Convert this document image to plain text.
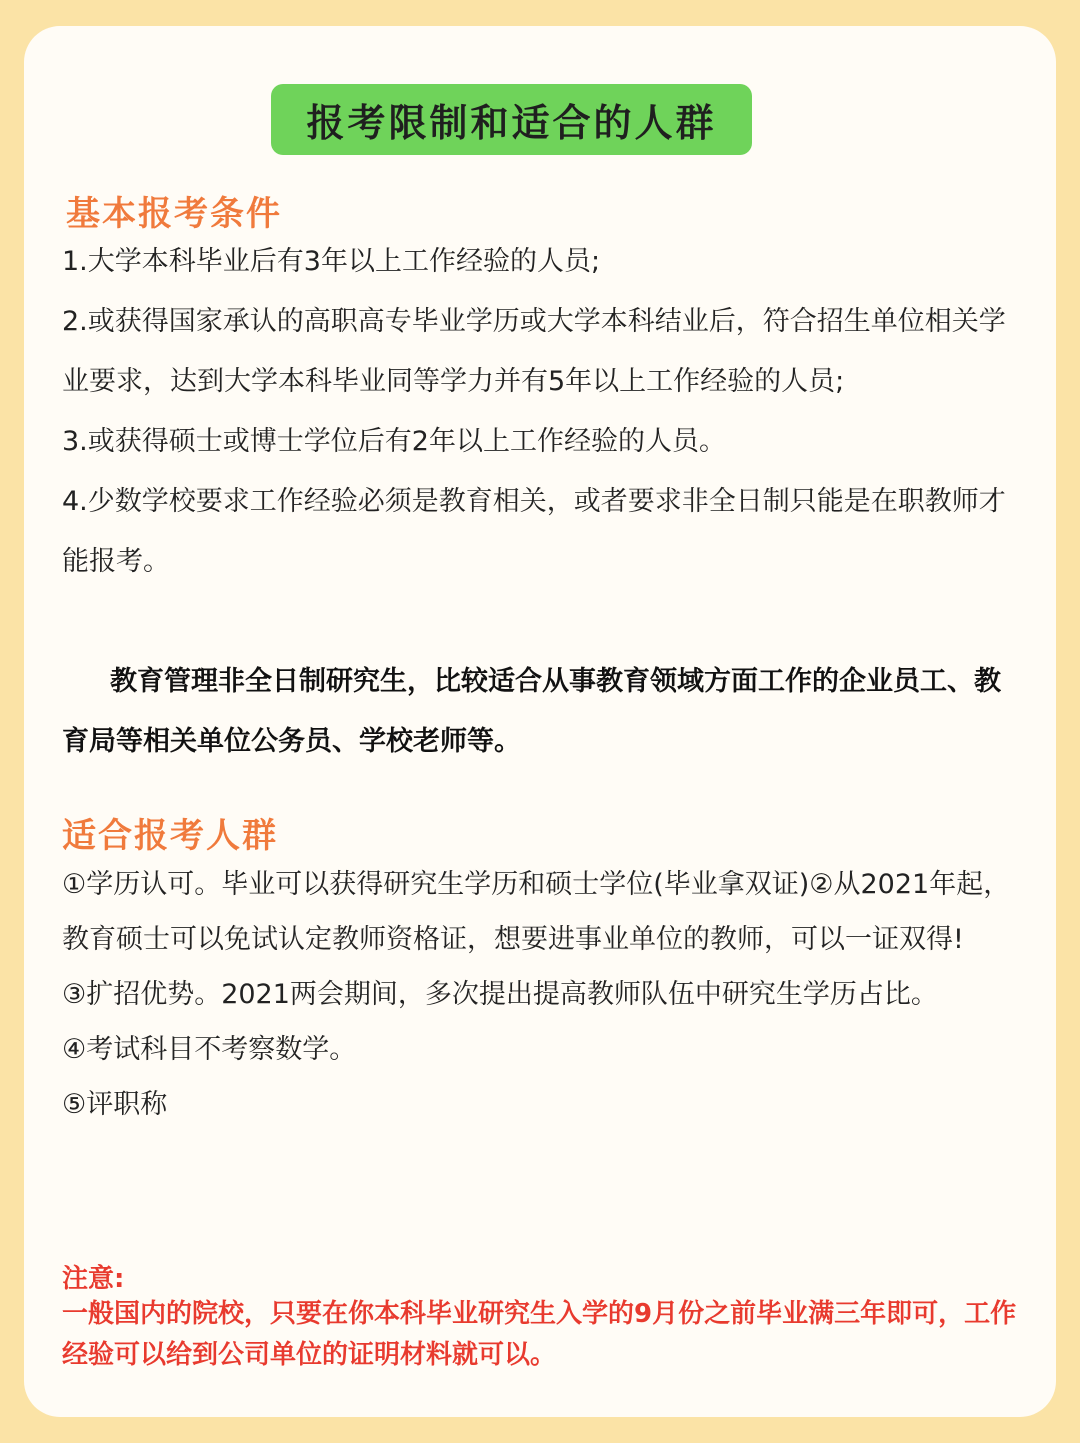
报考限制和适合的人群
基本报考条件

1.大学本科毕业后有3年以上工作经验的人员;

2.或获得国家承认的高职高专毕业学历或大学本科结业后，符合招生单位相关学业要求，达到大学本科毕业同等学力并有5年以上工作经验的人员;

3.或获得硕士或博士学位后有2年以上工作经验的人员。

4.少数学校要求工作经验必须是教育相关，或者要求非全日制只能是在职教师才能报考。

教育管理非全日制研究生，比较适合从事教育领域方面工作的企业员工、教育局等相关单位公务员、学校老师等。

适合报考人群

①学历认可。毕业可以获得研究生学历和硕士学位(毕业拿双证)②从2021年起，教育硕士可以免试认定教师资格证，想要进事业单位的教师，可以一证双得!

③扩招优势。2021两会期间，多次提出提高教师队伍中研究生学历占比。

④考试科目不考察数学。

⑤评职称

注意:
一般国内的院校，只要在你本科毕业研究生入学的9月份之前毕业满三年即可，工作经验可以给到公司单位的证明材料就可以。
